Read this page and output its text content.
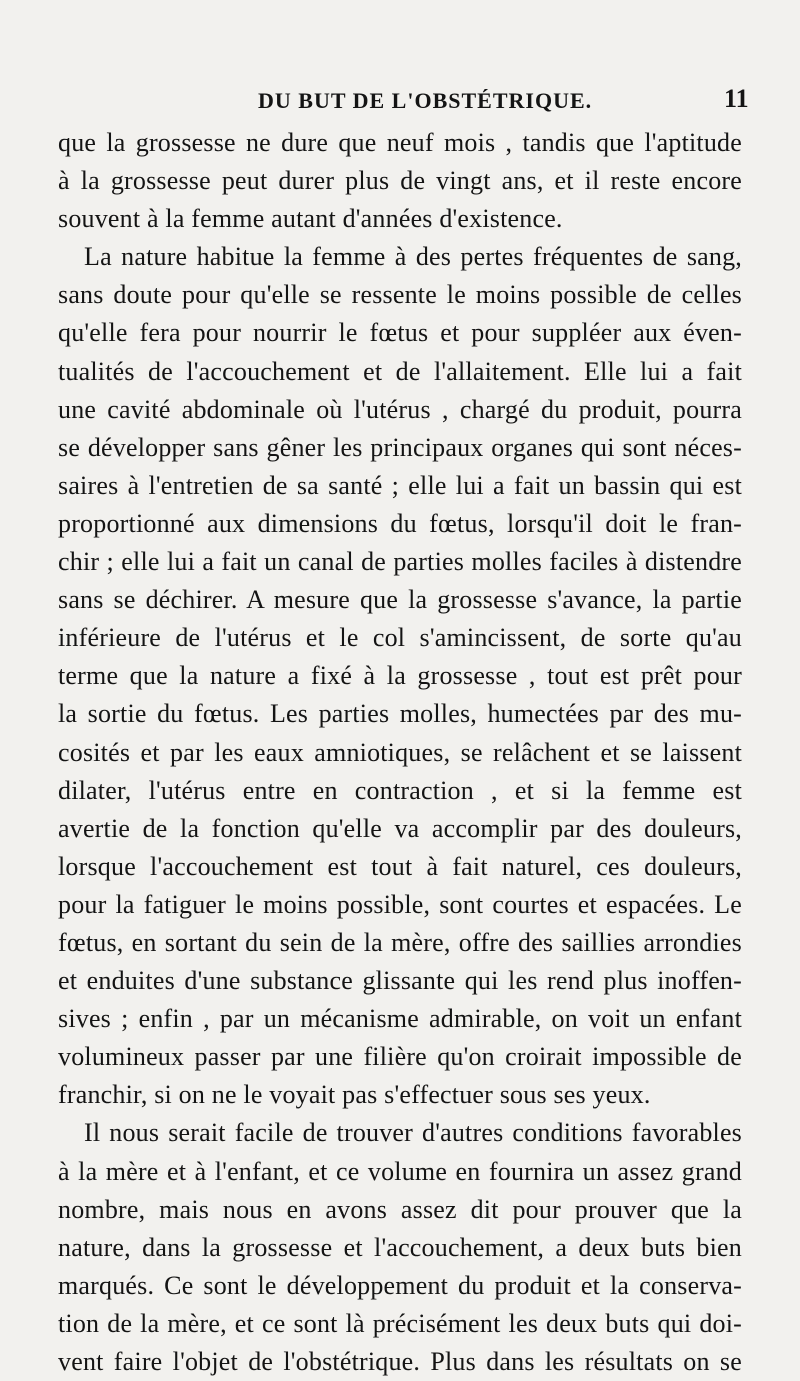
DU BUT DE L'OBSTÉTRIQUE.	11
que la grossesse ne dure que neuf mois , tandis que l'aptitude
à la grossesse peut durer plus de vingt ans, et il reste encore
souvent à la femme autant d'années d'existence.
La nature habitue la femme à des pertes fréquentes de sang,
sans doute pour qu'elle se ressente le moins possible de celles
qu'elle fera pour nourrir le fœtus et pour suppléer aux éven-
tualités de l'accouchement et de l'allaitement. Elle lui a fait
une cavité abdominale où l'utérus , chargé du produit, pourra
se développer sans gêner les principaux organes qui sont néces-
saires à l'entretien de sa santé ; elle lui a fait un bassin qui est
proportionné aux dimensions du fœtus, lorsqu'il doit le fran-
chir ; elle lui a fait un canal de parties molles faciles à distendre
sans se déchirer. A mesure que la grossesse s'avance, la partie
inférieure de l'utérus et le col s'amincissent, de sorte qu'au
terme que la nature a fixé à la grossesse , tout est prêt pour
la sortie du fœtus. Les parties molles, humectées par des mu-
cosités et par les eaux amniotiques, se relâchent et se laissent
dilater, l'utérus entre en contraction , et si la femme est
avertie de la fonction qu'elle va accomplir par des douleurs,
lorsque l'accouchement est tout à fait naturel, ces douleurs,
pour la fatiguer le moins possible, sont courtes et espacées. Le
fœtus, en sortant du sein de la mère, offre des saillies arrondies
et enduites d'une substance glissante qui les rend plus inoffen-
sives ; enfin , par un mécanisme admirable, on voit un enfant
volumineux passer par une filière qu'on croirait impossible de
franchir, si on ne le voyait pas s'effectuer sous ses yeux.
Il nous serait facile de trouver d'autres conditions favorables
à la mère et à l'enfant, et ce volume en fournira un assez grand
nombre, mais nous en avons assez dit pour prouver que la
nature, dans la grossesse et l'accouchement, a deux buts bien
marqués. Ce sont le développement du produit et la conserva-
tion de la mère, et ce sont là précisément les deux buts qui doi-
vent faire l'objet de l'obstétrique. Plus dans les résultats on se
